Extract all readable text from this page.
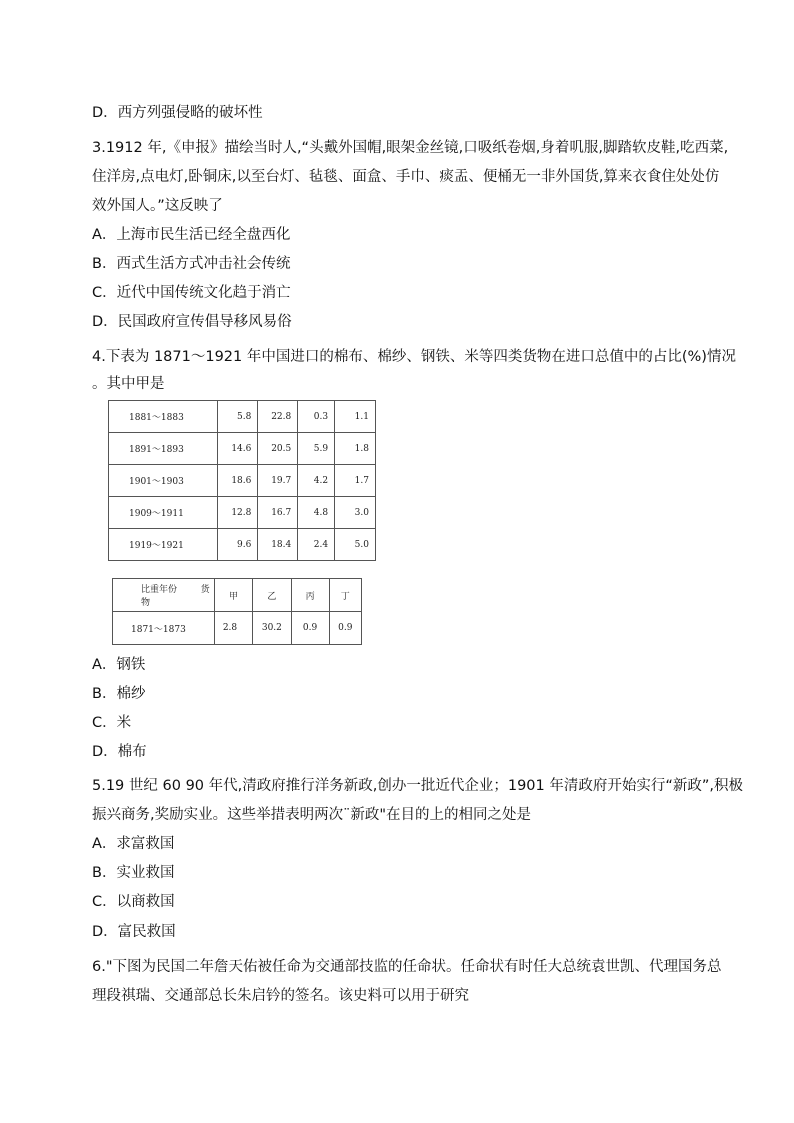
D．西方列强侵略的破坏性
3.1912 年,《申报》描绘当时人,“头戴外国帽,眼架金丝镜,口吸纸卷烟,身着叽服,脚踏软皮鞋,吃西菜,
住洋房,点电灯,卧铜床,以至台灯、毡毯、面盒、手巾、痰盂、便桶无一非外国货,算来衣食住处处仿
效外国人。”这反映了
A．上海市民生活已经全盘西化
B．西式生活方式冲击社会传统
C．近代中国传统文化趋于消亡
D．民国政府宣传倡导移风易俗
4.下表为 1871～1921 年中国进口的棉布、棉纱、钢铁、米等四类货物在进口总值中的占比(%)情况
。其中甲是
1881～1883	5.8	22.8	0.3	1.1
1891～1893	14.6	20.5	5.9	1.8
1901～1903	18.6	19.7	4.2	1.7
1909～1911	12.8	16.7	4.8	3.0
1919～1921	9.6	18.4	2.4	5.0
比重年份 货物	甲	乙	丙	丁
1871～1873	2.8	30.2	0.9	0.9
A．钢铁
B．棉纱
C．米
D．棉布
5.19 世纪 60 90 年代,清政府推行洋务新政,创办一批近代企业；1901 年清政府开始实行“新政”,积极
振兴商务,奖励实业。这些举措表明两次¨新政"在目的上的相同之处是
A．求富救国
B．实业救国
C．以商救国
D．富民救国
6."下图为民国二年詹天佑被任命为交通部技监的任命状。任命状有时任大总统袁世凯、代理国务总
理段祺瑞、交通部总长朱启钤的签名。该史料可以用于研究
